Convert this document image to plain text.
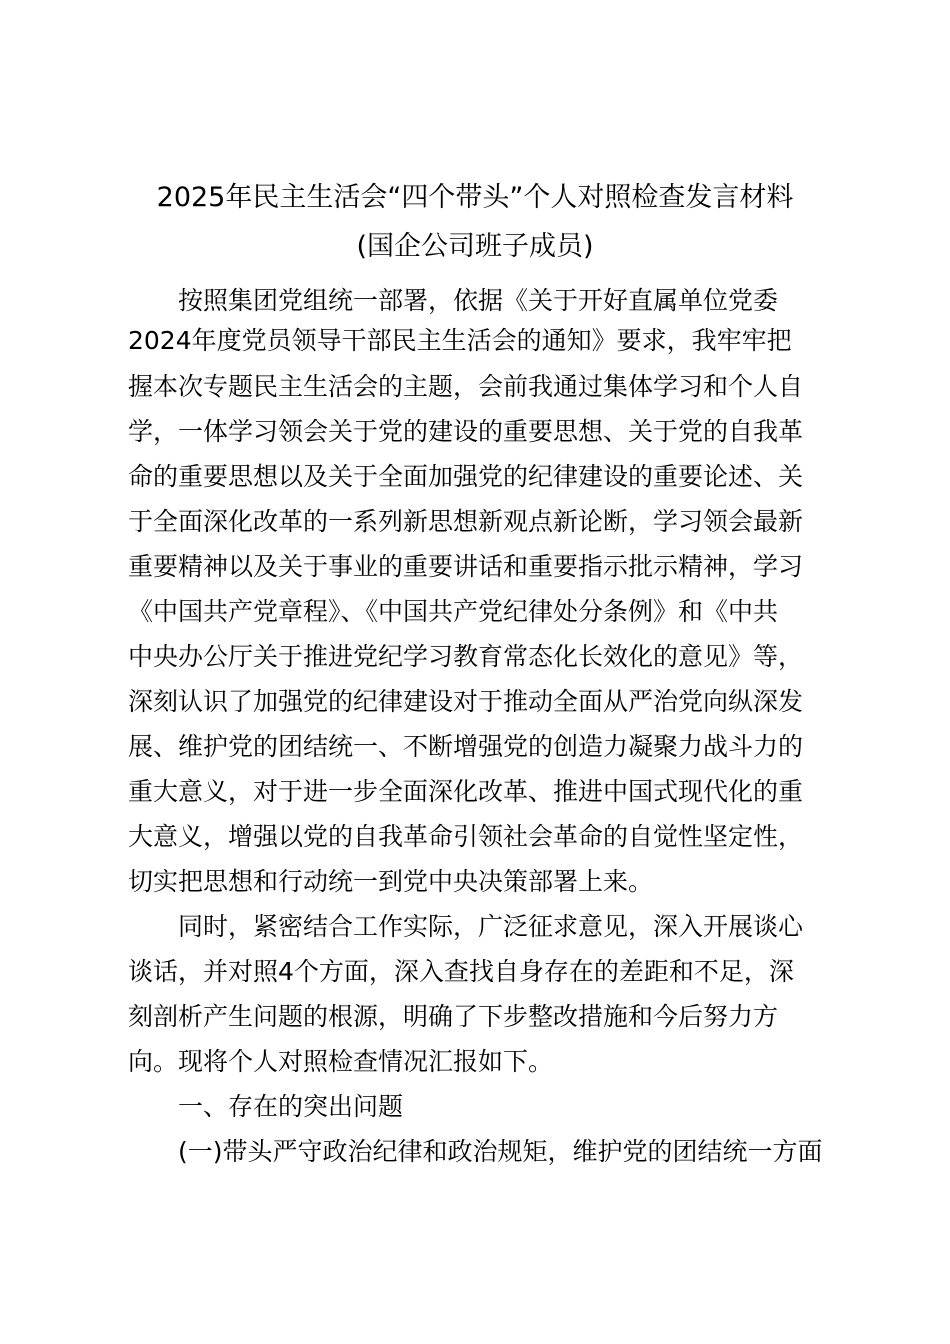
2025年民主生活会“四个带头”个人对照检查发言材料
(国企公司班子成员)

按照集团党组统一部署，依据《关于开好直属单位党委

2024年度党员领导干部民主生活会的通知》要求，我牢牢把

握本次专题民主生活会的主题，会前我通过集体学习和个人自

学，一体学习领会关于党的建设的重要思想、关于党的自我革

命的重要思想以及关于全面加强党的纪律建设的重要论述、关

于全面深化改革的一系列新思想新观点新论断，学习领会最新

重要精神以及关于事业的重要讲话和重要指示批示精神，学习

《中国共产党章程》、《中国共产党纪律处分条例》和《中共

中央办公厅关于推进党纪学习教育常态化长效化的意见》等，

深刻认识了加强党的纪律建设对于推动全面从严治党向纵深发

展、维护党的团结统一、不断增强党的创造力凝聚力战斗力的

重大意义，对于进一步全面深化改革、推进中国式现代化的重

大意义，增强以党的自我革命引领社会革命的自觉性坚定性，

切实把思想和行动统一到党中央决策部署上来。

同时，紧密结合工作实际，广泛征求意见，深入开展谈心

谈话，并对照4个方面，深入查找自身存在的差距和不足，深

刻剖析产生问题的根源，明确了下步整改措施和今后努力方

向。现将个人对照检查情况汇报如下。

一、存在的突出问题

(一)带头严守政治纪律和政治规矩，维护党的团结统一方面
